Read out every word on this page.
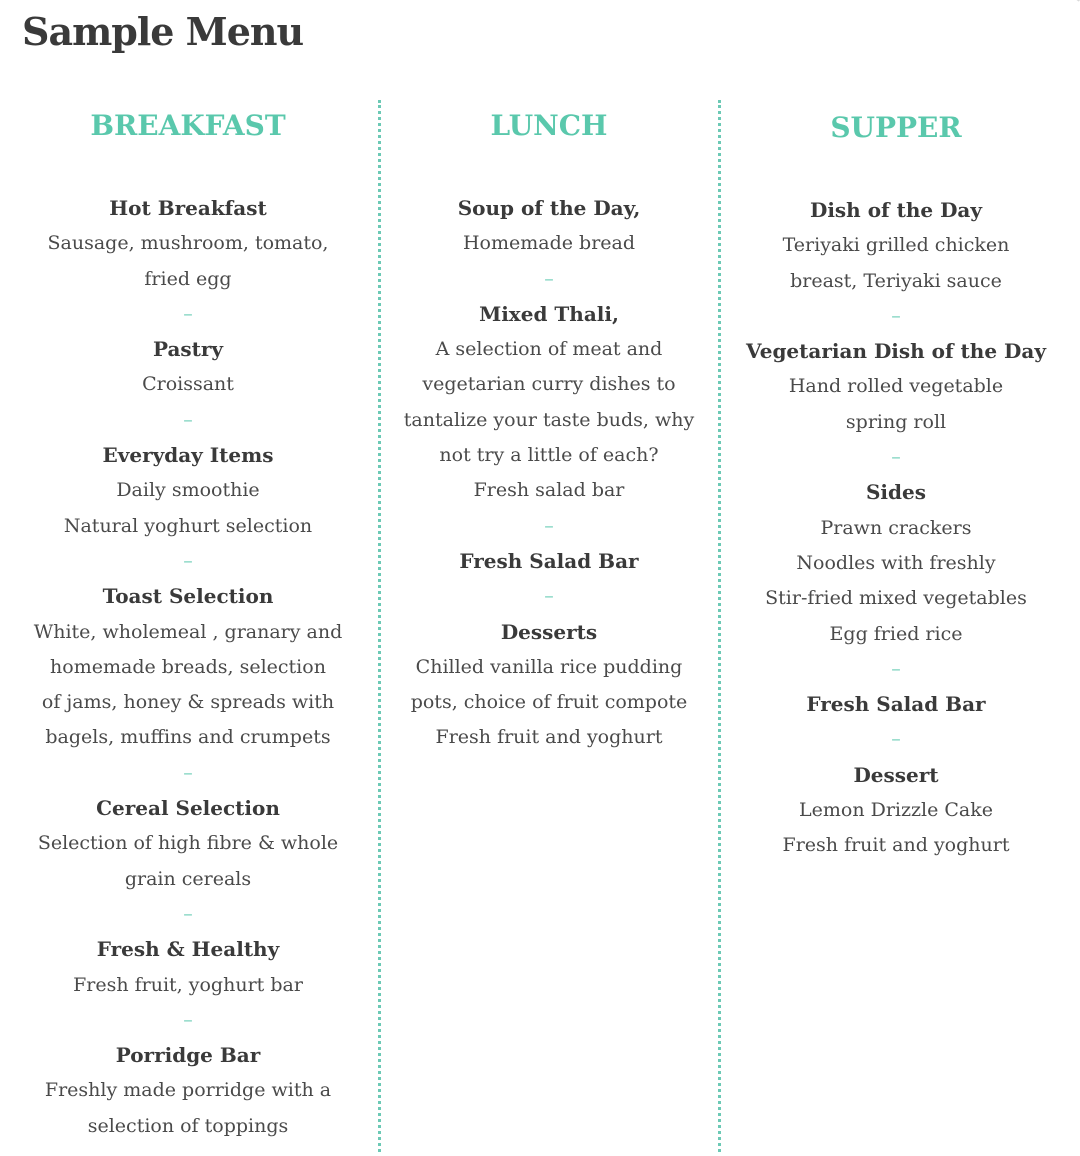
Sample Menu
BREAKFAST
Hot Breakfast
Sausage, mushroom, tomato,
fried egg
–
Pastry
Croissant
–
Everyday Items
Daily smoothie
Natural yoghurt selection
–
Toast Selection
White, wholemeal , granary and
homemade breads, selection
of jams, honey & spreads with
bagels, muffins and crumpets
–
Cereal Selection
Selection of high fibre & whole
grain cereals
–
Fresh & Healthy
Fresh fruit, yoghurt bar
–
Porridge Bar
Freshly made porridge with a
selection of toppings
LUNCH
Soup of the Day,
Homemade bread
–
Mixed Thali,
A selection of meat and
vegetarian curry dishes to
tantalize your taste buds, why
not try a little of each?
Fresh salad bar
–
Fresh Salad Bar
–
Desserts
Chilled vanilla rice pudding
pots, choice of fruit compote
Fresh fruit and yoghurt
SUPPER
Dish of the Day
Teriyaki grilled chicken
breast, Teriyaki sauce
–
Vegetarian Dish of the Day
Hand rolled vegetable
spring roll
–
Sides
Prawn crackers
Noodles with freshly
Stir-fried mixed vegetables
Egg fried rice
–
Fresh Salad Bar
–
Dessert
Lemon Drizzle Cake
Fresh fruit and yoghurt
